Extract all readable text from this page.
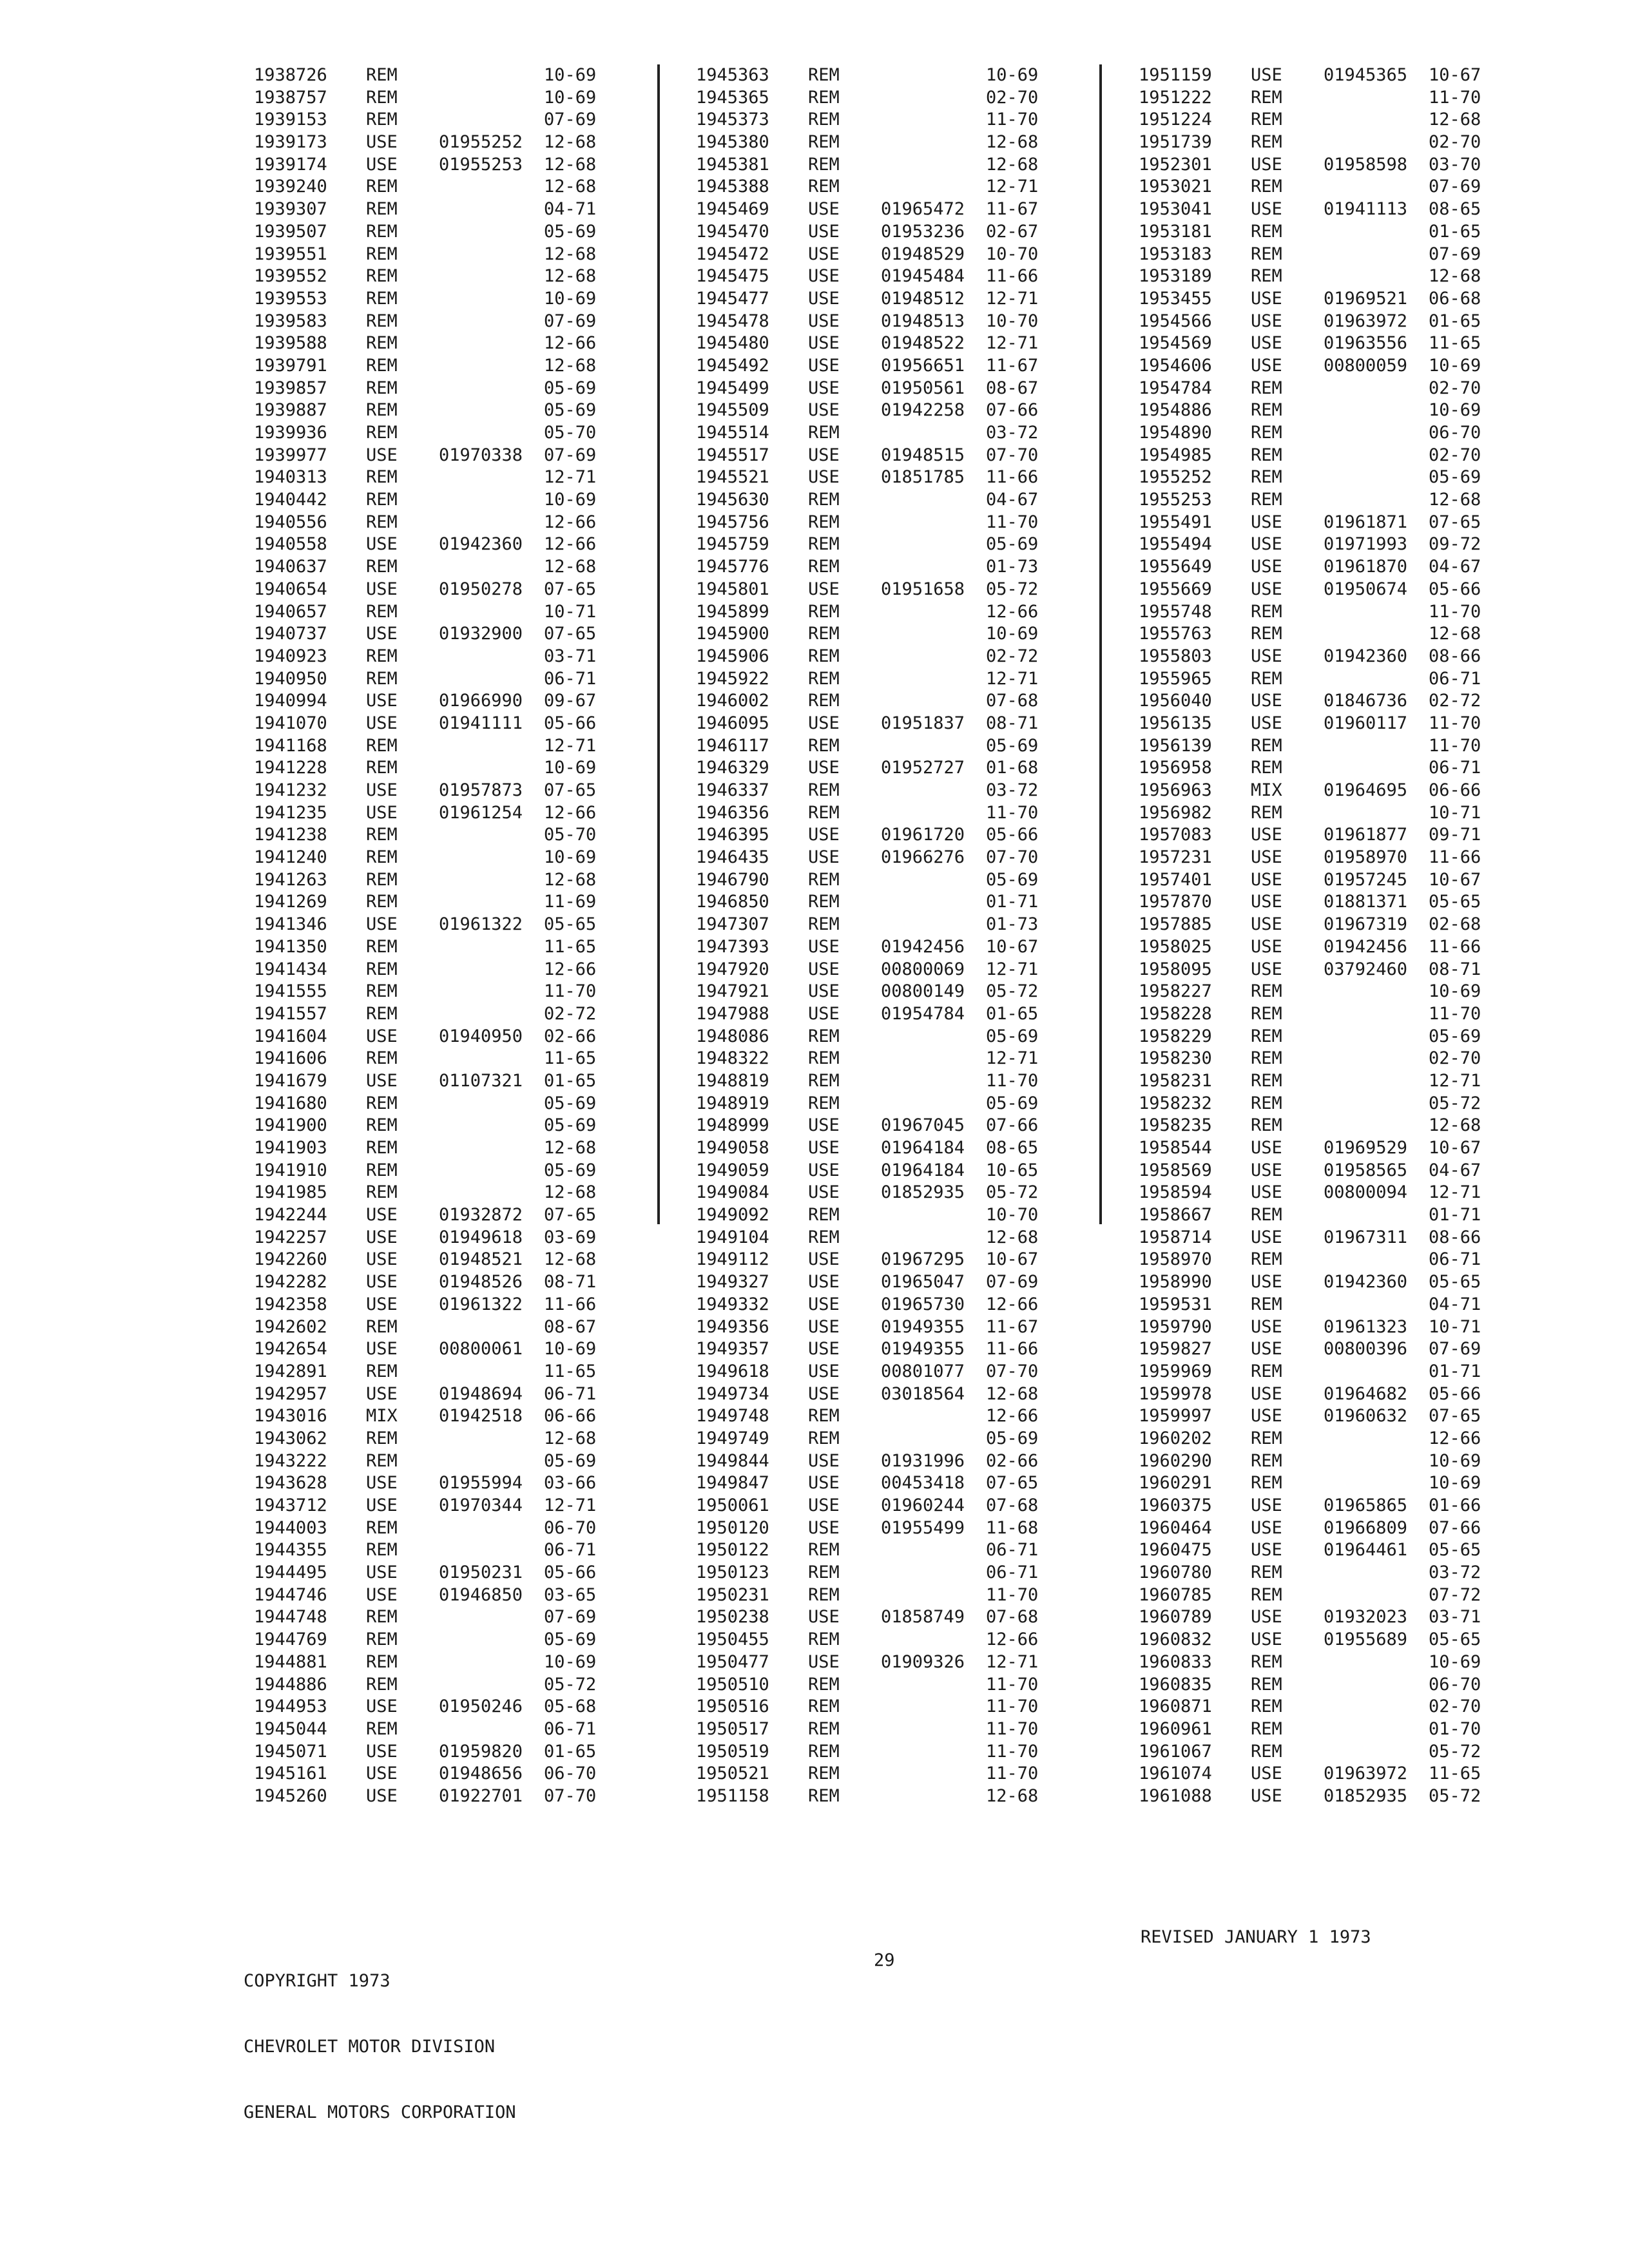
1938726 REM	10-69
1938757 REM	10-69
1939153 REM	07-69
1939173 USE 01955252 12-68
1939174 USE 01955253 12-68
1939240 REM	12-68
1939307 REM	04-71
1939507 REM	05-69
1939551 REM	12-68
1939552 REM	12-68
1939553 REM	10-69
1939583 REM	07-69
1939588 REM	12-66
1939791 REM	12-68
1939857 REM	05-69
1939887 REM	05-69
1939936 REM	05-70
1939977 USE 01970338 07-69
1940313 REM	12-71
1940442 REM	10-69
1940556 REM	12-66
1940558 USE 01942360 12-66
1940637 REM	12-68
1940654 USE 01950278 07-65
1940657 REM	10-71
1940737 USE 01932900 07-65
1940923 REM	03-71
1940950 REM	06-71
1940994 USE 01966990 09-67
1941070 USE 01941111 05-66
1941168 REM	12-71
1941228 REM	10-69
1941232 USE 01957873 07-65
1941235 USE 01961254 12-66
1941238 REM	05-70
1941240 REM	10-69
1941263 REM	12-68
1941269 REM	11-69
1941346 USE 01961322 05-65
1941350 REM	11-65
1941434 REM	12-66
1941555 REM	11-70
1941557 REM	02-72
1941604 USE 01940950 02-66
1941606 REM	11-65
1941679 USE 01107321 01-65
1941680 REM	05-69
1941900 REM	05-69
1941903 REM	12-68
1941910 REM	05-69
1941985 REM	12-68
1942244 USE 01932872 07-65
1942257 USE 01949618 03-69
1942260 USE 01948521 12-68
1942282 USE 01948526 08-71
1942358 USE 01961322 11-66
1942602 REM	08-67
1942654 USE 00800061 10-69
1942891 REM	11-65
1942957 USE 01948694 06-71
1943016 MIX 01942518 06-66
1943062 REM	12-68
1943222 REM	05-69
1943628 USE 01955994 03-66
1943712 USE 01970344 12-71
1944003 REM	06-70
1944355 REM	06-71
1944495 USE 01950231 05-66
1944746 USE 01946850 03-65
1944748 REM	07-69
1944769 REM	05-69
1944881 REM	10-69
1944886 REM	05-72
1944953 USE 01950246 05-68
1945044 REM	06-71
1945071 USE 01959820 01-65
1945161 USE 01948656 06-70
1945260 USE 01922701 07-70
1945363 REM	10-69
1945365 REM	02-70
1945373 REM	11-70
1945380 REM	12-68
1945381 REM	12-68
1945388 REM	12-71
1945469 USE 01965472 11-67
1945470 USE 01953236 02-67
1945472 USE 01948529 10-70
1945475 USE 01945484 11-66
1945477 USE 01948512 12-71
1945478 USE 01948513 10-70
1945480 USE 01948522 12-71
1945492 USE 01956651 11-67
1945499 USE 01950561 08-67
1945509 USE 01942258 07-66
1945514 REM	03-72
1945517 USE 01948515 07-70
1945521 USE 01851785 11-66
1945630 REM	04-67
1945756 REM	11-70
1945759 REM	05-69
1945776 REM	01-73
1945801 USE 01951658 05-72
1945899 REM	12-66
1945900 REM	10-69
1945906 REM	02-72
1945922 REM	12-71
1946002 REM	07-68
1946095 USE 01951837 08-71
1946117 REM	05-69
1946329 USE 01952727 01-68
1946337 REM	03-72
1946356 REM	11-70
1946395 USE 01961720 05-66
1946435 USE 01966276 07-70
1946790 REM	05-69
1946850 REM	01-71
1947307 REM	01-73
1947393 USE 01942456 10-67
1947920 USE 00800069 12-71
1947921 USE 00800149 05-72
1947988 USE 01954784 01-65
1948086 REM	05-69
1948322 REM	12-71
1948819 REM	11-70
1948919 REM	05-69
1948999 USE 01967045 07-66
1949058 USE 01964184 08-65
1949059 USE 01964184 10-65
1949084 USE 01852935 05-72
1949092 REM	10-70
1949104 REM	12-68
1949112 USE 01967295 10-67
1949327 USE 01965047 07-69
1949332 USE 01965730 12-66
1949356 USE 01949355 11-67
1949357 USE 01949355 11-66
1949618 USE 00801077 07-70
1949734 USE 03018564 12-68
1949748 REM	12-66
1949749 REM	05-69
1949844 USE 01931996 02-66
1949847 USE 00453418 07-65
1950061 USE 01960244 07-68
1950120 USE 01955499 11-68
1950122 REM	06-71
1950123 REM	06-71
1950231 REM	11-70
1950238 USE 01858749 07-68
1950455 REM	12-66
1950477 USE 01909326 12-71
1950510 REM	11-70
1950516 REM	11-70
1950517 REM	11-70
1950519 REM	11-70
1950521 REM	11-70
1951158 REM	12-68
1951159 USE 01945365 10-67
1951222 REM	11-70
1951224 REM	12-68
1951739 REM	02-70
1952301 USE 01958598 03-70
1953021 REM	07-69
1953041 USE 01941113 08-65
1953181 REM	01-65
1953183 REM	07-69
1953189 REM	12-68
1953455 USE 01969521 06-68
1954566 USE 01963972 01-65
1954569 USE 01963556 11-65
1954606 USE 00800059 10-69
1954784 REM	02-70
1954886 REM	10-69
1954890 REM	06-70
1954985 REM	02-70
1955252 REM	05-69
1955253 REM	12-68
1955491 USE 01961871 07-65
1955494 USE 01971993 09-72
1955649 USE 01961870 04-67
1955669 USE 01950674 05-66
1955748 REM	11-70
1955763 REM	12-68
1955803 USE 01942360 08-66
1955965 REM	06-71
1956040 USE 01846736 02-72
1956135 USE 01960117 11-70
1956139 REM	11-70
1956958 REM	06-71
1956963 MIX 01964695 06-66
1956982 REM	10-71
1957083 USE 01961877 09-71
1957231 USE 01958970 11-66
1957401 USE 01957245 10-67
1957870 USE 01881371 05-65
1957885 USE 01967319 02-68
1958025 USE 01942456 11-66
1958095 USE 03792460 08-71
1958227 REM	10-69
1958228 REM	11-70
1958229 REM	05-69
1958230 REM	02-70
1958231 REM	12-71
1958232 REM	05-72
1958235 REM	12-68
1958544 USE 01969529 10-67
1958569 USE 01958565 04-67
1958594 USE 00800094 12-71
1958667 REM	01-71
1958714 USE 01967311 08-66
1958970 REM	06-71
1958990 USE 01942360 05-65
1959531 REM	04-71
1959790 USE 01961323 10-71
1959827 USE 00800396 07-69
1959969 REM	01-71
1959978 USE 01964682 05-66
1959997 USE 01960632 07-65
1960202 REM	12-66
1960290 REM	10-69
1960291 REM	10-69
1960375 USE 01965865 01-66
1960464 USE 01966809 07-66
1960475 USE 01964461 05-65
1960780 REM	03-72
1960785 REM	07-72
1960789 USE 01932023 03-71
1960832 USE 01955689 05-65
1960833 REM	10-69
1960835 REM	06-70
1960871 REM	02-70
1960961 REM	01-70
1961067 REM	05-72
1961074 USE 01963972 11-65
1961088 USE 01852935 05-72

COPYRIGHT 1973

CHEVROLET MOTOR DIVISION

GENERAL MOTORS CORPORATION

29
REVISED JANUARY 1 1973
